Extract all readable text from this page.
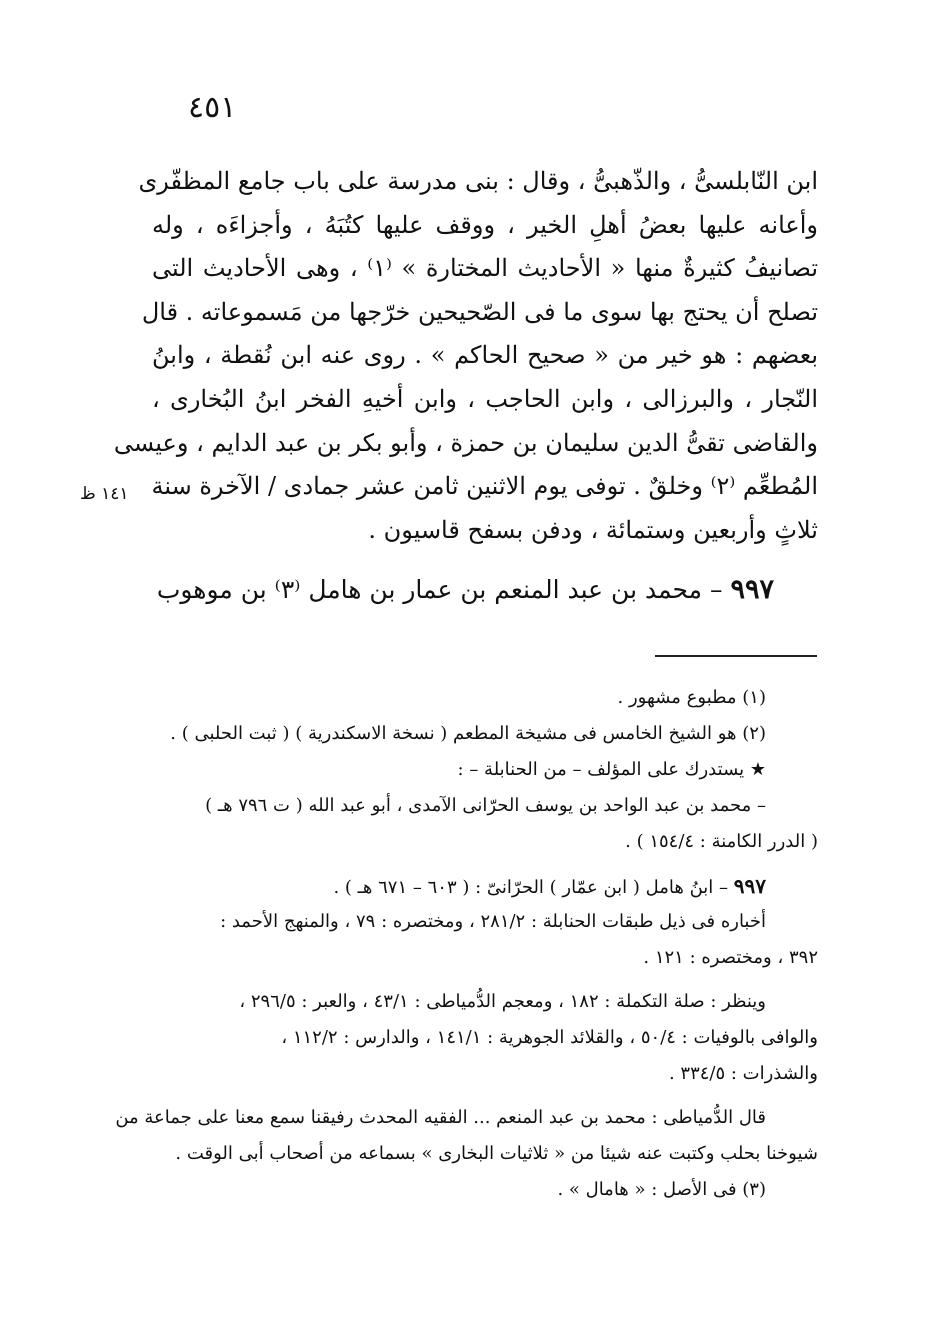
٤٥١
ابن النّابلسىُّ ، والذّهبىُّ ، وقال : بنى مدرسة على باب جامع المظفّرى
وأعانه عليها بعضُ أهلِ الخير ، ووقف عليها كتُبَهُ ، وأجزاءَه ، وله
تصانيفُ كثيرةٌ منها « الأحاديث المختارة » ⁽١⁾ ، وهى الأحاديث التى
تصلح أن يحتج بها سوى ما فى الصّحيحين خرّجها من مَسموعاته . قال
بعضهم : هو خير من « صحيح الحاكم » . روى عنه ابن نُقطة ، وابنُ
النّجار ، والبرزالى ، وابن الحاجب ، وابن أخيهِ الفخر ابنُ البُخارى ،
والقاضى تقىُّ الدين سليمان بن حمزة ، وأبو بكر بن عبد الدايم ، وعيسى
المُطعِّم ⁽٢⁾ وخلقٌ . توفى يوم الاثنين ثامن عشر جمادى / الآخرة سنة
ثلاثٍ وأربعين وستمائة ، ودفن بسفح قاسيون .
١٤١ ظ
٩٩٧ – محمد بن عبد المنعم بن عمار بن هامل ⁽٣⁾ بن موهوب
(١) مطبوع مشهور .
(٢) هو الشيخ الخامس فى مشيخة المطعم ( نسخة الاسكندرية ) ( ثبت الحلبى ) .
★ يستدرك على المؤلف – من الحنابلة – :
– محمد بن عبد الواحد بن يوسف الحرّانى الآمدى ، أبو عبد الله ( ت ٧٩٦ هـ )
( الدرر الكامنة : ١٥٤/٤ ) .
٩٩٧ – ابنُ هامل ( ابن عمّار ) الحرّانىّ : ( ٦٠٣ – ٦٧١ هـ ) .
أخباره فى ذيل طبقات الحنابلة : ٢٨١/٢ ، ومختصره : ٧٩ ، والمنهج الأحمد :
٣٩٢ ، ومختصره : ١٢١ .
وينظر : صلة التكملة : ١٨٢ ، ومعجم الدُّمياطى : ٤٣/١ ، والعبر : ٢٩٦/٥ ،
والوافى بالوفيات : ٥٠/٤ ، والقلائد الجوهرية : ١٤١/١ ، والدارس : ١١٢/٢ ،
والشذرات : ٣٣٤/٥ .
قال الدُّمياطى : محمد بن عبد المنعم ... الفقيه المحدث رفيقنا سمع معنا على جماعة من
شيوخنا بحلب وكتبت عنه شيئا من « ثلاثيات البخارى » بسماعه من أصحاب أبى الوقت .
(٣) فى الأصل : « هامال » .
